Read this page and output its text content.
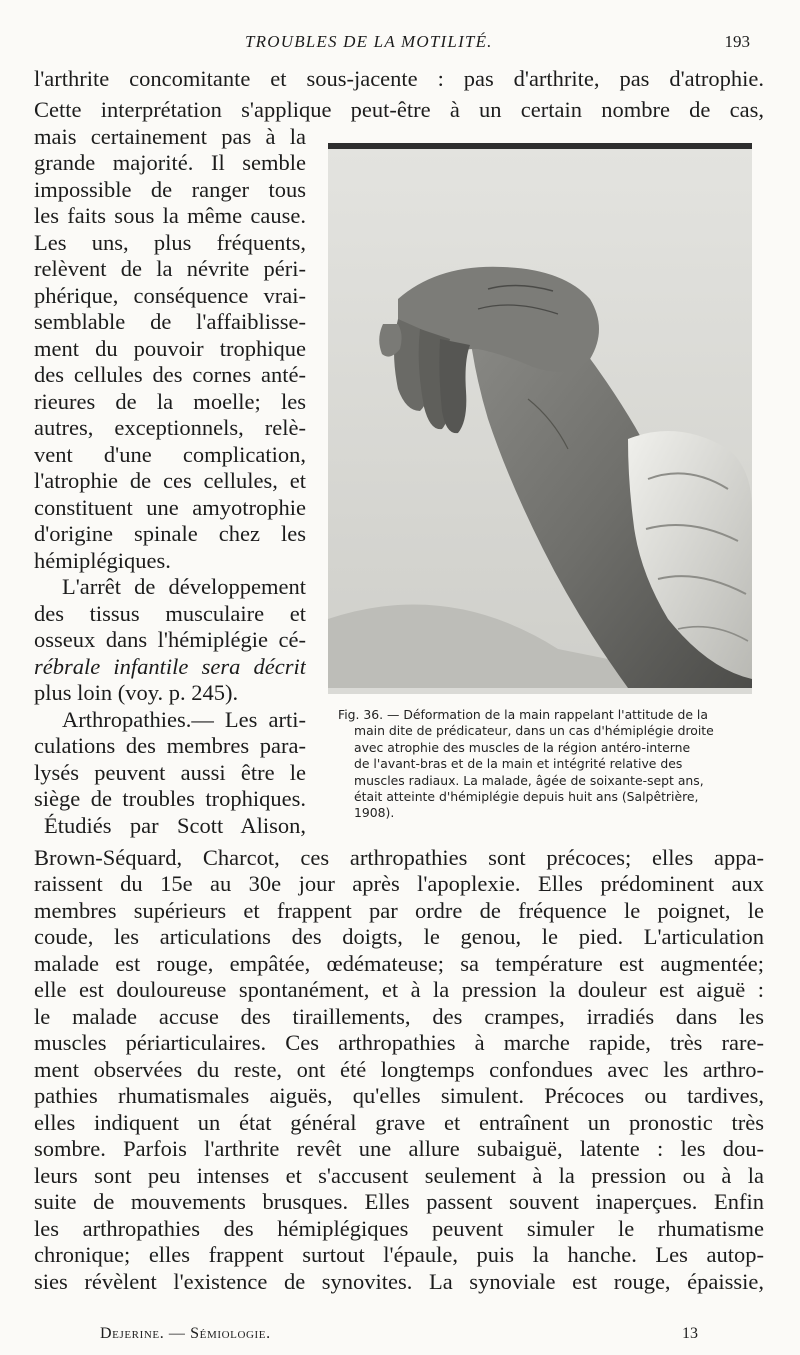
TROUBLES DE LA MOTILITÉ.	193
l'arthrite concomitante et sous-jacente : pas d'arthrite, pas d'atrophie.
Cette interprétation s'applique peut-être à un certain nombre de cas,
mais certainement pas à la
grande majorité. Il semble
impossible de ranger tous
les faits sous la même cause.
Les uns, plus fréquents,
relèvent de la névrite péri-
phérique, conséquence vrai-
semblable de l'affaiblisse-
ment du pouvoir trophique
des cellules des cornes anté-
rieures de la moelle; les
autres, exceptionnels, relè-
vent d'une complication,
l'atrophie de ces cellules, et
constituent une amyotrophie
d'origine spinale chez les
hémiplégiques.
L'arrêt de développement
des tissus musculaire et
osseux dans l'hémiplégie cé-
rébrale infantile sera décrit
plus loin (voy. p. 245).
Arthropathies.— Les arti-
culations des membres para-
lysés peuvent aussi être le
siège de troubles trophiques.
Étudiés par Scott Alison,
Fig. 36. — Déformation de la main rappelant l'attitude de la
main dite de prédicateur, dans un cas d'hémiplégie droite
avec atrophie des muscles de la région antéro-interne
de l'avant-bras et de la main et intégrité relative des
muscles radiaux. La malade, âgée de soixante-sept ans,
était atteinte d'hémiplégie depuis huit ans (Salpêtrière,
1908).
Brown-Séquard, Charcot, ces arthropathies sont précoces; elles appa-
raissent du 15e au 30e jour après l'apoplexie. Elles prédominent aux
membres supérieurs et frappent par ordre de fréquence le poignet, le
coude, les articulations des doigts, le genou, le pied. L'articulation
malade est rouge, empâtée, œdémateuse; sa température est augmentée;
elle est douloureuse spontanément, et à la pression la douleur est aiguë :
le malade accuse des tiraillements, des crampes, irradiés dans les
muscles périarticulaires. Ces arthropathies à marche rapide, très rare-
ment observées du reste, ont été longtemps confondues avec les arthro-
pathies rhumatismales aiguës, qu'elles simulent. Précoces ou tardives,
elles indiquent un état général grave et entraînent un pronostic très
sombre. Parfois l'arthrite revêt une allure subaiguë, latente : les dou-
leurs sont peu intenses et s'accusent seulement à la pression ou à la
suite de mouvements brusques. Elles passent souvent inaperçues. Enfin
les arthropathies des hémiplégiques peuvent simuler le rhumatisme
chronique; elles frappent surtout l'épaule, puis la hanche. Les autop-
sies révèlent l'existence de synovites. La synoviale est rouge, épaissie,
Dejerine. — Sémiologie.	13
